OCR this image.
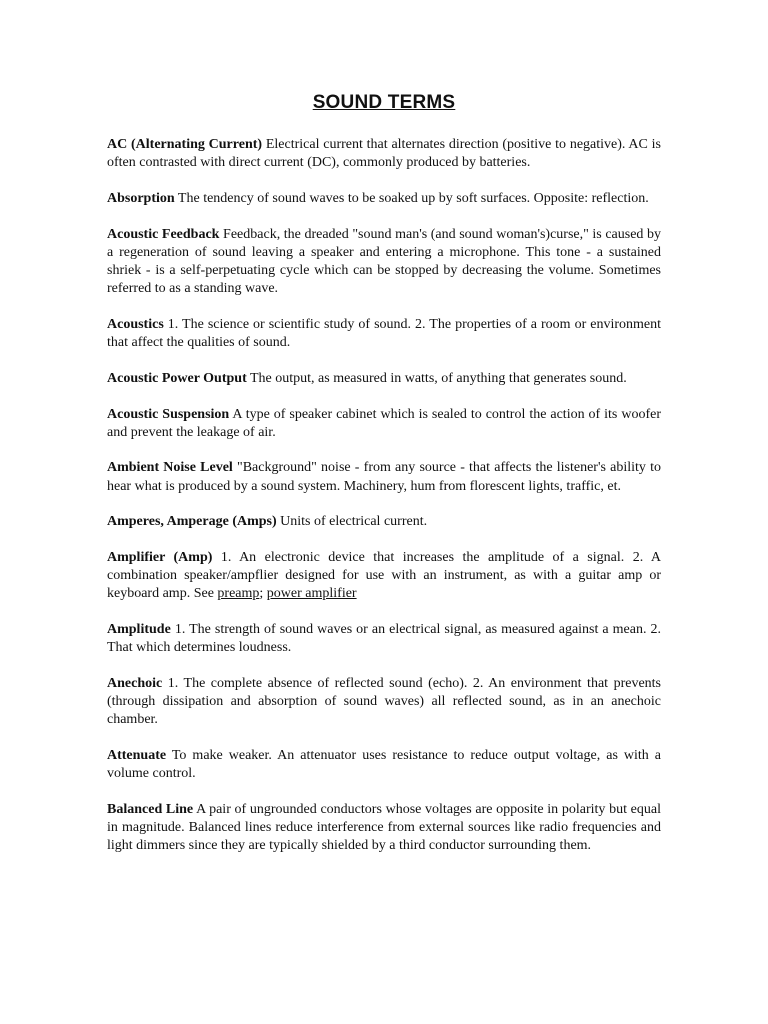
SOUND TERMS

AC (Alternating Current) Electrical current that alternates direction (positive to negative). AC is often contrasted with direct current (DC), commonly produced by batteries.

Absorption The tendency of sound waves to be soaked up by soft surfaces. Opposite: reflection.

Acoustic Feedback Feedback, the dreaded "sound man's (and sound woman's)curse," is caused by a regeneration of sound leaving a speaker and entering a microphone. This tone - a sustained shriek - is a self-perpetuating cycle which can be stopped by decreasing the volume. Sometimes referred to as a standing wave.

Acoustics 1. The science or scientific study of sound. 2. The properties of a room or environment that affect the qualities of sound.

Acoustic Power Output The output, as measured in watts, of anything that generates sound.

Acoustic Suspension A type of speaker cabinet which is sealed to control the action of its woofer and prevent the leakage of air.

Ambient Noise Level "Background" noise - from any source - that affects the listener's ability to hear what is produced by a sound system. Machinery, hum from florescent lights, traffic, et.

Amperes, Amperage (Amps) Units of electrical current.

Amplifier (Amp) 1. An electronic device that increases the amplitude of a signal. 2. A combination speaker/ampflier designed for use with an instrument, as with a guitar amp or keyboard amp. See preamp; power amplifier

Amplitude 1. The strength of sound waves or an electrical signal, as measured against a mean. 2. That which determines loudness.

Anechoic 1. The complete absence of reflected sound (echo). 2. An environment that prevents (through dissipation and absorption of sound waves) all reflected sound, as in an anechoic chamber.

Attenuate To make weaker. An attenuator uses resistance to reduce output voltage, as with a volume control.

Balanced Line A pair of ungrounded conductors whose voltages are opposite in polarity but equal in magnitude. Balanced lines reduce interference from external sources like radio frequencies and light dimmers since they are typically shielded by a third conductor surrounding them.
